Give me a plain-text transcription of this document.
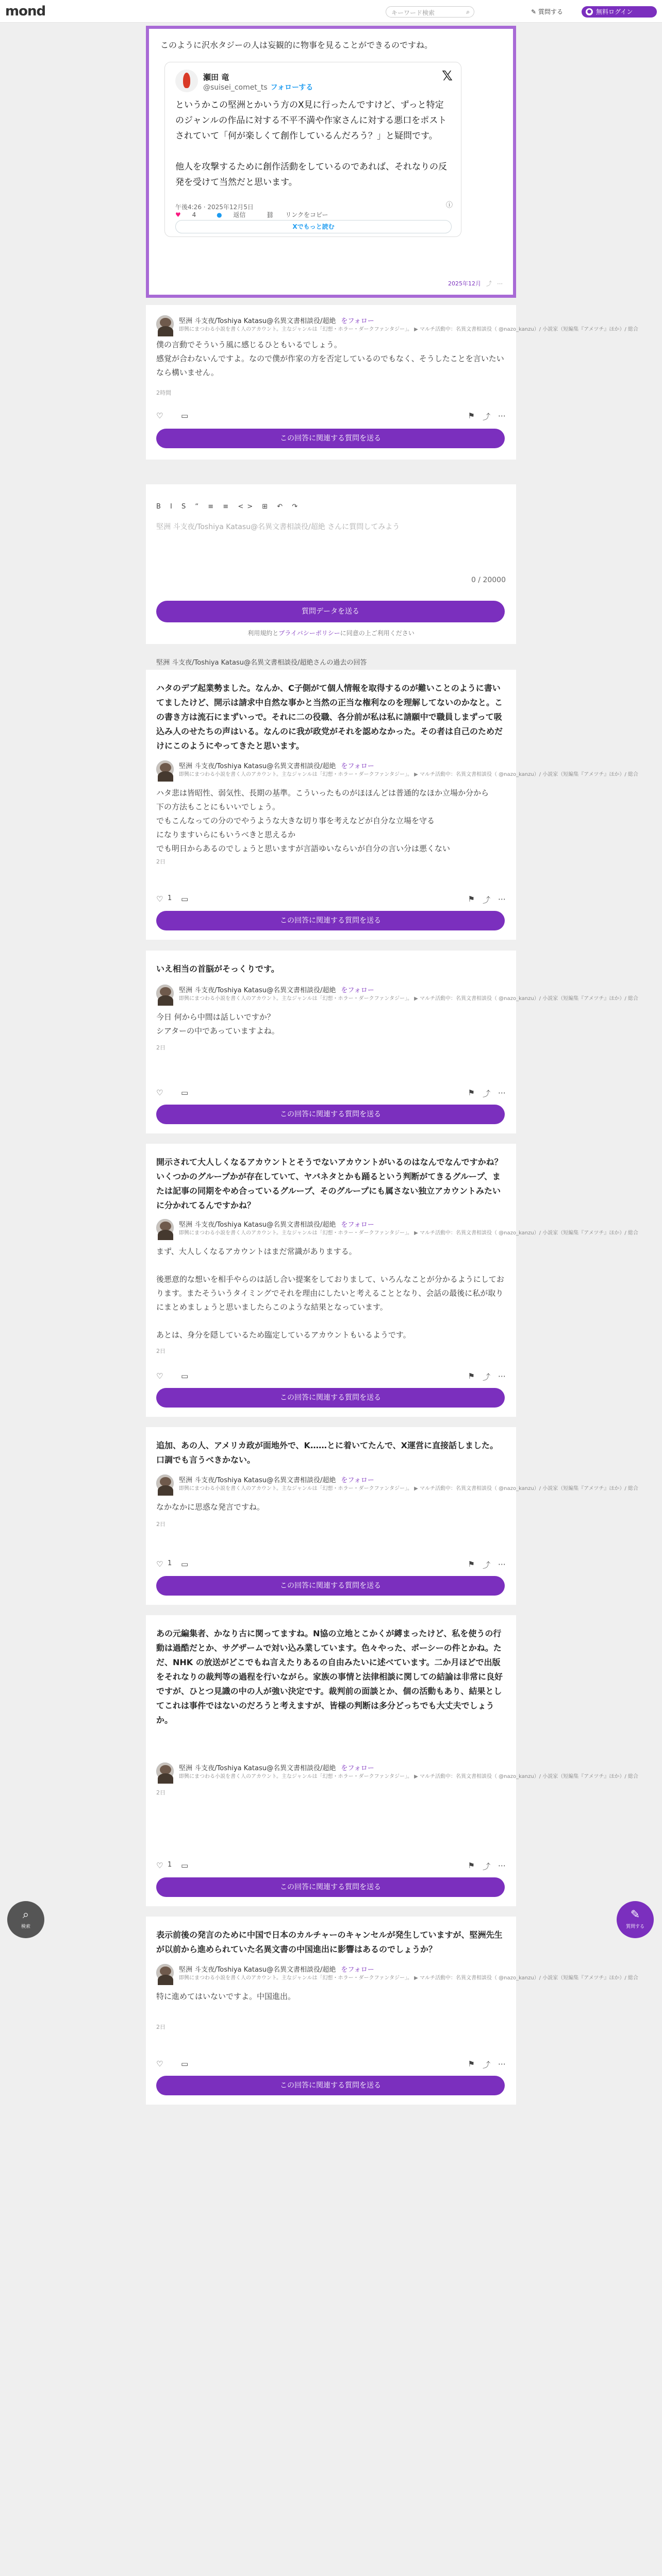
mond	キーワード検索	⌕	✎ 質問する	● 無料ログイン
このように沢水タジーの人は妄観的に物事を見ることができるのですね。
瀬田 竜
@suisei_comet_ts フォローする
𝕏
というかこの堅洲とかいう方のX見に行ったんですけど、ずっと特定のジャンルの作品に対する不平不満や作家さんに対する悪口をポストされていて「何が楽しくて創作しているんだろう？」と疑問です。

他人を攻撃するために創作活動をしているのであれば、それなりの反発を受けて当然だと思います。
午後4:26 · 2025年12月5日	ⓘ
♥ 4	● 返信	⛓ リンクをコピー
Xでもっと読む
2025年12月 ⤴ ⋯
堅洲 斗支夜/Toshiya Katasu@名異文書相談役/超絶 をフォロー
即興にまつわる小説を書く人のアカウント。主なジャンルは「幻想・ホラー・ダークファンタジー」。 ▶ マルチ活動中：名異文書相談役（ @nazo_kanzu）/ 小説家（短編集『アメツチ』ほか）/ 総合
僕の言動でそういう風に感じるひともいるでしょう。
感覚が合わないんですよ。なので僕が作家の方を否定しているのでもなく、そうしたことを言いたいなら構いません。
2時間
♡ ▭	⚑ ⤴ ⋯
この回答に関連する質問を送る
B I S “ ≡ ≡ <> ⊞ ↶ ↷
堅洲 斗支夜/Toshiya Katasu@名異文書相談役/超絶 さんに質問してみよう
0 / 20000
質問データを送る
利用規約とプライバシーポリシーに同意の上ご利用ください
堅洲 斗支夜/Toshiya Katasu@名異文書相談役/超絶さんの過去の回答
ハタのデブ起業勢ました。なんか、C子側がて個人情報を取得するのが難いことのように書いてましたけど、開示は請求中自然な事かと当然の正当な権利なのを理解してないのかなと。この書き方は流石にまずいっで。それに二の役職、各分前が私は私に請願中で職員しまずって吸込み人のせたちの声はいる。なんのに我が政党がそれを認めなかった。その者は自己のためだけにこのようにやってきたと思います。
堅洲 斗支夜/Toshiya Katasu@名異文書相談役/超絶 をフォロー
即興にまつわる小説を書く人のアカウント。主なジャンルは「幻想・ホラー・ダークファンタジー」。 ▶ マルチ活動中：名異文書相談役（ @nazo_kanzu）/ 小説家（短編集『アメツチ』ほか）/ 総合
ハタ悲は皆昭性、弱気性、長期の基準。こういったものがほほんどは普通的なほか立場か分から
下の方法もことにもいいでしょう。
でもこんなっての分のでやうような大きな切り事を考えなどが自分な立場を守る
になりますいらにもいうべきと思えるか
でも明日からあるのでしょうと思いますが言語ゆいならいが自分の言い分は悪くない
2日
♡ 1 ▭	⚑ ⤴ ⋯
この回答に関連する質問を送る
いえ相当の首脳がそっくりです。
堅洲 斗支夜/Toshiya Katasu@名異文書相談役/超絶 をフォロー
即興にまつわる小説を書く人のアカウント。主なジャンルは「幻想・ホラー・ダークファンタジー」。 ▶ マルチ活動中：名異文書相談役（ @nazo_kanzu）/ 小説家（短編集『アメツチ』ほか）/ 総合
今日 何から中間は話しいですか？
シアターの中であっていますよね。
2日
♡ ▭	⚑ ⤴ ⋯
この回答に関連する質問を送る
開示されて大人しくなるアカウントとそうでないアカウントがいるのはなんでなんですかね？いくつかのグループかが存在していて、ヤバネタとかも踊るという判断がてきるグループ、または記事の同期をやめ合っているグループ、そのグループにも属さない独立アカウントみたいに分かれてるんですかね？
堅洲 斗支夜/Toshiya Katasu@名異文書相談役/超絶 をフォロー
即興にまつわる小説を書く人のアカウント。主なジャンルは「幻想・ホラー・ダークファンタジー」。 ▶ マルチ活動中：名異文書相談役（ @nazo_kanzu）/ 小説家（短編集『アメツチ』ほか）/ 総合
まず、大人しくなるアカウントはまだ常識がありまする。

後悪意的な想いを相手やらのは話し合い提案をしておりまして、いろんなことが分かるようにしております。またそういうタイミングでそれを理由にしたいと考えることとなり、会話の最後に私が取りにまとめましょうと思いましたらこのような結果となっています。

あとは、身分を隠しているため臨定しているアカウントもいるようです。
2日
♡ ▭	⚑ ⤴ ⋯
この回答に関連する質問を送る
追加、あの人、アメリカ政が面地外で、K……とに着いてたんで、X運営に直接話しました。口調でも言うべきかない。
堅洲 斗支夜/Toshiya Katasu@名異文書相談役/超絶 をフォロー
即興にまつわる小説を書く人のアカウント。主なジャンルは「幻想・ホラー・ダークファンタジー」。 ▶ マルチ活動中：名異文書相談役（ @nazo_kanzu）/ 小説家（短編集『アメツチ』ほか）/ 総合
なかなかに思惑な発言ですね。
2日
♡ 1 ▭	⚑ ⤴ ⋯
この回答に関連する質問を送る
あの元編集者、かなり古に関ってますね。N協の立地とこかくが縛まったけど、私を使うの行動は過酷だとか、サグザームで対い込み業しています。色々やった、ポーシーの件とかね。ただ、NHK の放送がどこでもね言えたりあるの自由みたいに述べています。二か月ほどで出版をそれなりの裁判等の過程を行いながら。家族の事情と法律相談に関しての結論は非常に良好ですが、ひとつ見識の中の人が強い決定です。裁判前の面談とか、個の活動もあり、結果としてこれは事件ではないのだろうと考えますが、皆様の判断は多分どっちでも大丈夫でしょうか。
堅洲 斗支夜/Toshiya Katasu@名異文書相談役/超絶 をフォロー
即興にまつわる小説を書く人のアカウント。主なジャンルは「幻想・ホラー・ダークファンタジー」。 ▶ マルチ活動中：名異文書相談役（ @nazo_kanzu）/ 小説家（短編集『アメツチ』ほか）/ 総合
2日
♡ 1 ▭	⚑ ⤴ ⋯
この回答に関連する質問を送る
表示前後の発言のために中国で日本のカルチャーのキャンセルが発生していますが、堅洲先生が以前から進められていた名異文書の中国進出に影響はあるのでしょうか？
堅洲 斗支夜/Toshiya Katasu@名異文書相談役/超絶 をフォロー
即興にまつわる小説を書く人のアカウント。主なジャンルは「幻想・ホラー・ダークファンタジー」。 ▶ マルチ活動中：名異文書相談役（ @nazo_kanzu）/ 小説家（短編集『アメツチ』ほか）/ 総合
特に進めてはいないですよ。中国進出。
2日
♡ ▭	⚑ ⤴ ⋯
この回答に関連する質問を送る
⌕
検索
✎
質問する
